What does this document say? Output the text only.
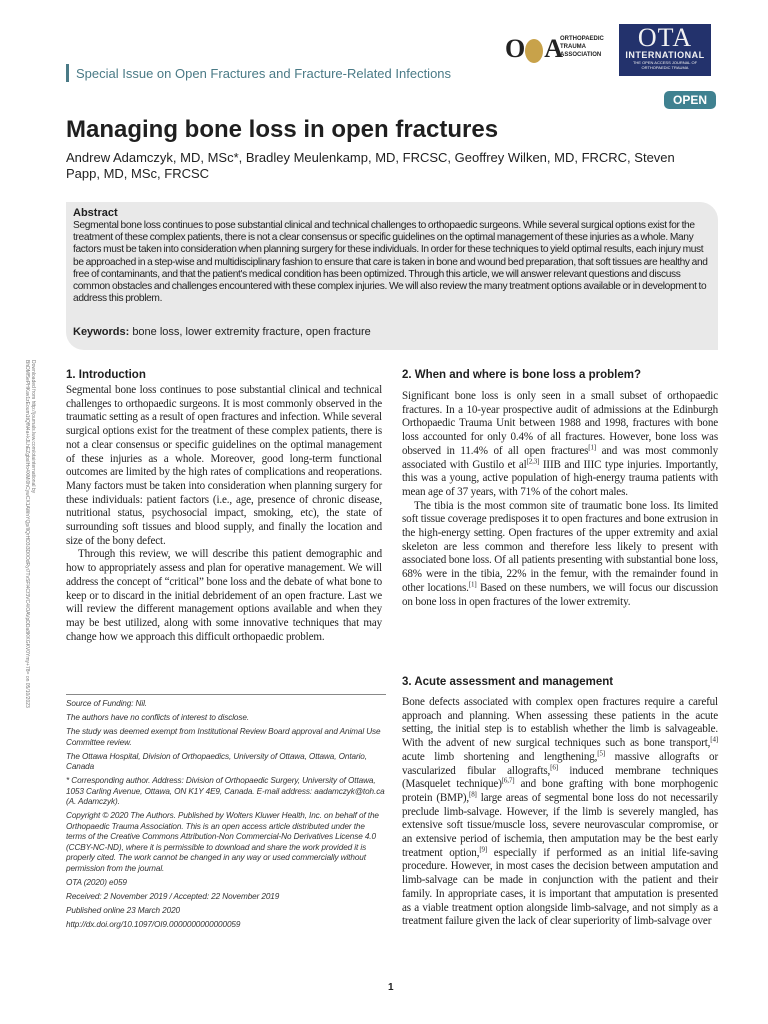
Downloaded from http://journals.lww.com/otainternational by BhDMf5ePHKav1zEoum1tQfN4a+kJLhEZgbsIHo4XMi0hCywCX1AWnYQp/IlQrHD3i3D0OdRyi7TvSFl4Cf3VC4/OAVpDDa8KKGKV0Ymy+78= on 05/10/2023
Special Issue on Open Fractures and Fracture-Related Infections
O A
ORTHOPAEDIC
TRAUMA
ASSOCIATION
OTA
INTERNATIONAL
THE OPEN ACCESS JOURNAL OF ORTHOPAEDIC TRAUMA
OPEN
Managing bone loss in open fractures
Andrew Adamczyk, MD, MSc*, Bradley Meulenkamp, MD, FRCSC, Geoffrey Wilken, MD, FRCRC, Steven Papp, MD, MSc, FRCSC
Abstract
Segmental bone loss continues to pose substantial clinical and technical challenges to orthopaedic surgeons. While several surgical options exist for the treatment of these complex patients, there is not a clear consensus or specific guidelines on the optimal management of these injuries as a whole. Many factors must be taken into consideration when planning surgery for these individuals. In order for these techniques to yield optimal results, each injury must be approached in a step-wise and multidisciplinary fashion to ensure that care is taken in bone and wound bed preparation, that soft tissues are healthy and free of contaminants, and that the patient's medical condition has been optimized. Through this article, we will answer relevant questions and discuss common obstacles and challenges encountered with these complex injuries. We will also review the many treatment options available or in development to address this problem.
Keywords: bone loss, lower extremity fracture, open fracture
1. Introduction

Segmental bone loss continues to pose substantial clinical and technical challenges to orthopaedic surgeons. It is most commonly observed in the traumatic setting as a result of open fractures and infection. While several surgical options exist for the treatment of these complex patients, there is not a clear consensus or specific guidelines on the optimal management of these injuries as a whole. Moreover, good long-term functional outcomes are limited by the high rates of complications and reoperations. Many factors must be taken into consideration when planning surgery for these individuals: patient factors (i.e., age, presence of chronic disease, nutritional status, psychosocial impact, smoking, etc), the state of surrounding soft tissues and blood supply, and finally the location and size of the bony defect.

Through this review, we will describe this patient demographic and how to appropriately assess and plan for operative management. We will address the concept of “critical” bone loss and the debate of what bone to keep or to discard in the initial debridement of an open fracture. Last we will review the different management options available and when they may be best utilized, along with some innovative techniques that may change how we approach this difficult orthopaedic problem.

Source of Funding: Nil.

The authors have no conflicts of interest to disclose.

The study was deemed exempt from Institutional Review Board approval and Animal Use Committee review.

The Ottawa Hospital, Division of Orthopaedics, University of Ottawa, Ottawa, Ontario, Canada

* Corresponding author. Address: Division of Orthopaedic Surgery, University of Ottawa, 1053 Carling Avenue, Ottawa, ON K1Y 4E9, Canada. E-mail address: aadamczyk@toh.ca (A. Adamczyk).

Copyright © 2020 The Authors. Published by Wolters Kluwer Health, Inc. on behalf of the Orthopaedic Trauma Association. This is an open access article distributed under the terms of the Creative Commons Attribution-Non Commercial-No Derivatives License 4.0 (CCBY-NC-ND), where it is permissible to download and share the work provided it is properly cited. The work cannot be changed in any way or used commercially without permission from the journal.

OTA (2020) e059

Received: 2 November 2019 / Accepted: 22 November 2019

Published online 23 March 2020

http://dx.doi.org/10.1097/OI9.0000000000000059

2. When and where is bone loss a problem?

Significant bone loss is only seen in a small subset of orthopaedic fractures. In a 10-year prospective audit of admissions at the Edinburgh Orthopaedic Trauma Unit between 1988 and 1998, fractures with bone loss accounted for only 0.4% of all fractures. However, bone loss was observed in 11.4% of all open fractures[1] and was most commonly associated with Gustilo et al[2,3] IIIB and IIIC type injuries. Importantly, this was a young, active population of high-energy trauma patients with mean age of 37 years, with 71% of the cohort males.

The tibia is the most common site of traumatic bone loss. Its limited soft tissue coverage predisposes it to open fractures and bone extrusion in the high-energy setting. Open fractures of the upper extremity and axial skeleton are less common and therefore less likely to present with associated bone loss. Of all patients presenting with substantial bone loss, 68% were in the tibia, 22% in the femur, with the remainder found in other locations.[1] Based on these numbers, we will focus our discussion on bone loss in open fractures of the lower extremity.

3. Acute assessment and management

Bone defects associated with complex open fractures require a careful approach and planning. When assessing these patients in the acute setting, the initial step is to establish whether the limb is salvageable. With the advent of new surgical techniques such as bone transport,[4] acute limb shortening and lengthening,[5] massive allografts or vascularized fibular allografts,[6] induced membrane techniques (Masquelet technique)[6,7] and bone grafting with bone morphogenic protein (BMP),[8] large areas of segmental bone loss do not necessarily preclude limb-salvage. However, if the limb is severely mangled, has extensive soft tissue/muscle loss, severe neurovascular compromise, or an extensive period of ischemia, then amputation may be the best early treatment option,[9] especially if performed as an initial life-saving procedure. However, in most cases the decision between amputation and limb-salvage can be made in conjunction with the patient and their family. In appropriate cases, it is important that amputation is presented as a viable treatment option alongside limb-salvage, and not simply as a treatment failure given the lack of clear superiority of limb-salvage over

1
